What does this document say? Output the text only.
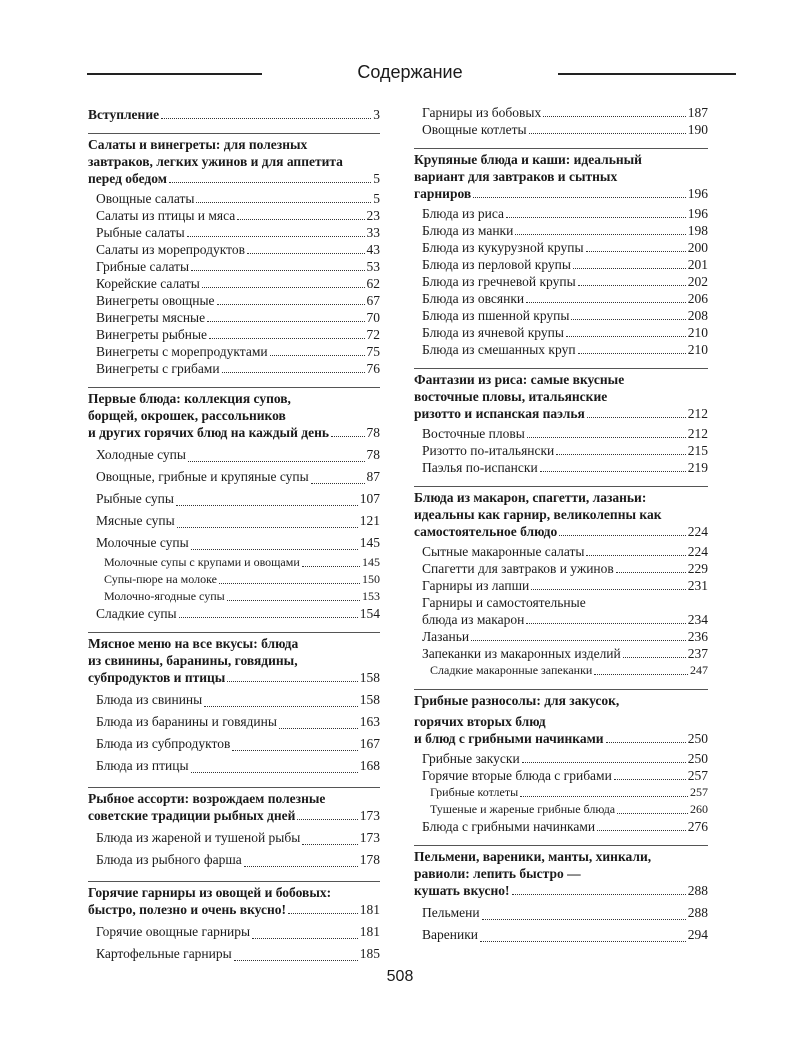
Содержание
Вступление	3
Салаты и винегреты: для полезных
завтраков, легких ужинов и для аппетита
перед обедом	5
Овощные салаты	5
Салаты из птицы и мяса	23
Рыбные салаты	33
Салаты из морепродуктов	43
Грибные салаты	53
Корейские салаты	62
Винегреты овощные	67
Винегреты мясные	70
Винегреты рыбные	72
Винегреты с морепродуктами	75
Винегреты с грибами	76
Первые блюда: коллекция супов,
борщей, окрошек, рассольников
и других горячих блюд на каждый день	78
Холодные супы	78
Овощные, грибные и крупяные супы	87
Рыбные супы	107
Мясные супы	121
Молочные супы	145
Молочные супы с крупами и овощами	145
Супы-пюре на молоке	150
Молочно-ягодные супы	153
Сладкие супы	154
Мясное меню на все вкусы: блюда
из свинины, баранины, говядины,
субпродуктов и птицы	158
Блюда из свинины	158
Блюда из баранины и говядины	163
Блюда из субпродуктов	167
Блюда из птицы	168
Рыбное ассорти: возрождаем полезные
советские традиции рыбных дней	173
Блюда из жареной и тушеной рыбы	173
Блюда из рыбного фарша	178
Горячие гарниры из овощей и бобовых:
быстро, полезно и очень вкусно!	181
Горячие овощные гарниры	181
Картофельные гарниры	185
Гарниры из бобовых	187
Овощные котлеты	190
Крупяные блюда и каши: идеальный
вариант для завтраков и сытных
гарниров	196
Блюда из риса	196
Блюда из манки	198
Блюда из кукурузной крупы	200
Блюда из перловой крупы	201
Блюда из гречневой крупы	202
Блюда из овсянки	206
Блюда из пшенной крупы	208
Блюда из ячневой крупы	210
Блюда из смешанных круп	210
Фантазии из риса: самые вкусные
восточные пловы, итальянские
ризотто и испанская паэлья	212
Восточные пловы	212
Ризотто по-итальянски	215
Паэлья по-испански	219
Блюда из макарон, спагетти, лазаньи:
идеальны как гарнир, великолепны как
самостоятельное блюдо	224
Сытные макаронные салаты	224
Спагетти для завтраков и ужинов	229
Гарниры из лапши	231
Гарниры и самостоятельные
блюда из макарон	234
Лазаньи	236
Запеканки из макаронных изделий	237
Сладкие макаронные запеканки	247
Грибные разносолы: для закусок,
горячих вторых блюд
и блюд с грибными начинками	250
Грибные закуски	250
Горячие вторые блюда с грибами	257
Грибные котлеты	257
Тушеные и жареные грибные блюда	260
Блюда с грибными начинками	276
Пельмени, вареники, манты, хинкали,
равиоли: лепить быстро —
кушать вкусно!	288
Пельмени	288
Вареники	294
508
